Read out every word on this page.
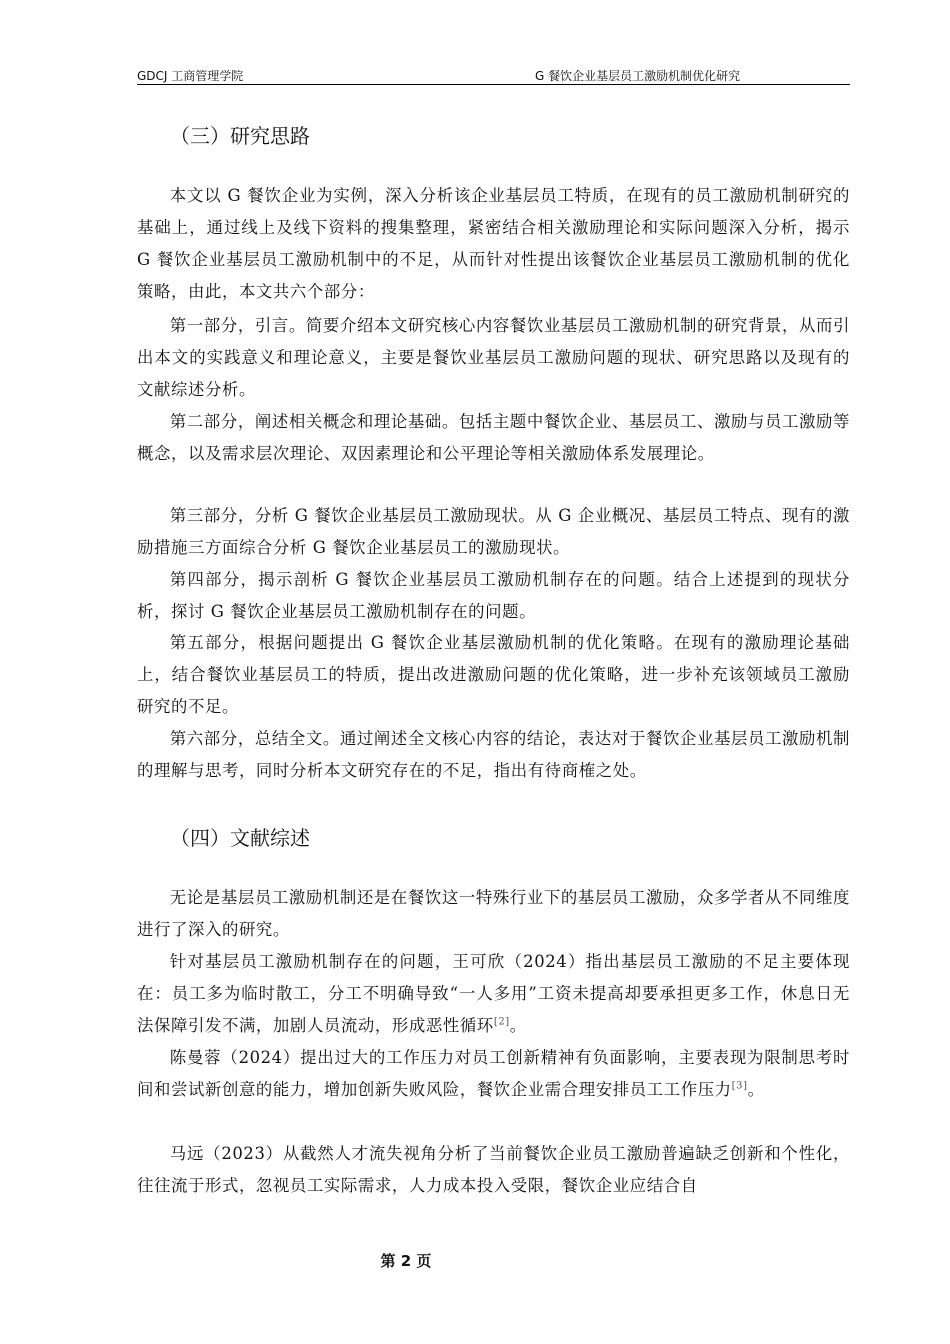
GDCJ 工商管理学院	G 餐饮企业基层员工激励机制优化研究
（三）研究思路

本文以 G 餐饮企业为实例，深入分析该企业基层员工特质，在现有的员工激励机制研究的基础上，通过线上及线下资料的搜集整理，紧密结合相关激励理论和实际问题深入分析，揭示 G 餐饮企业基层员工激励机制中的不足，从而针对性提出该餐饮企业基层员工激励机制的优化策略，由此，本文共六个部分：

第一部分，引言。简要介绍本文研究核心内容餐饮业基层员工激励机制的研究背景，从而引出本文的实践意义和理论意义，主要是餐饮业基层员工激励问题的现状、研究思路以及现有的文献综述分析。

第二部分，阐述相关概念和理论基础。包括主题中餐饮企业、基层员工、激励与员工激励等概念，以及需求层次理论、双因素理论和公平理论等相关激励体系发展理论。

第三部分，分析 G 餐饮企业基层员工激励现状。从 G 企业概况、基层员工特点、现有的激励措施三方面综合分析 G 餐饮企业基层员工的激励现状。

第四部分，揭示剖析 G 餐饮企业基层员工激励机制存在的问题。结合上述提到的现状分析，探讨 G 餐饮企业基层员工激励机制存在的问题。

第五部分，根据问题提出 G 餐饮企业基层激励机制的优化策略。在现有的激励理论基础上，结合餐饮业基层员工的特质，提出改进激励问题的优化策略，进一步补充该领域员工激励研究的不足。

第六部分，总结全文。通过阐述全文核心内容的结论，表达对于餐饮企业基层员工激励机制的理解与思考，同时分析本文研究存在的不足，指出有待商榷之处。

（四）文献综述

无论是基层员工激励机制还是在餐饮这一特殊行业下的基层员工激励，众多学者从不同维度进行了深入的研究。

针对基层员工激励机制存在的问题，王可欣（2024）指出基层员工激励的不足主要体现在：员工多为临时散工，分工不明确导致“一人多用”工资未提高却要承担更多工作，休息日无法保障引发不满，加剧人员流动，形成恶性循环[2]。

陈曼蓉（2024）提出过大的工作压力对员工创新精神有负面影响，主要表现为限制思考时间和尝试新创意的能力，增加创新失败风险，餐饮企业需合理安排员工工作压力[3]。

马远（2023）从截然人才流失视角分析了当前餐饮企业员工激励普遍缺乏创新和个性化，往往流于形式，忽视员工实际需求，人力成本投入受限，餐饮企业应结合自

第 2 页
